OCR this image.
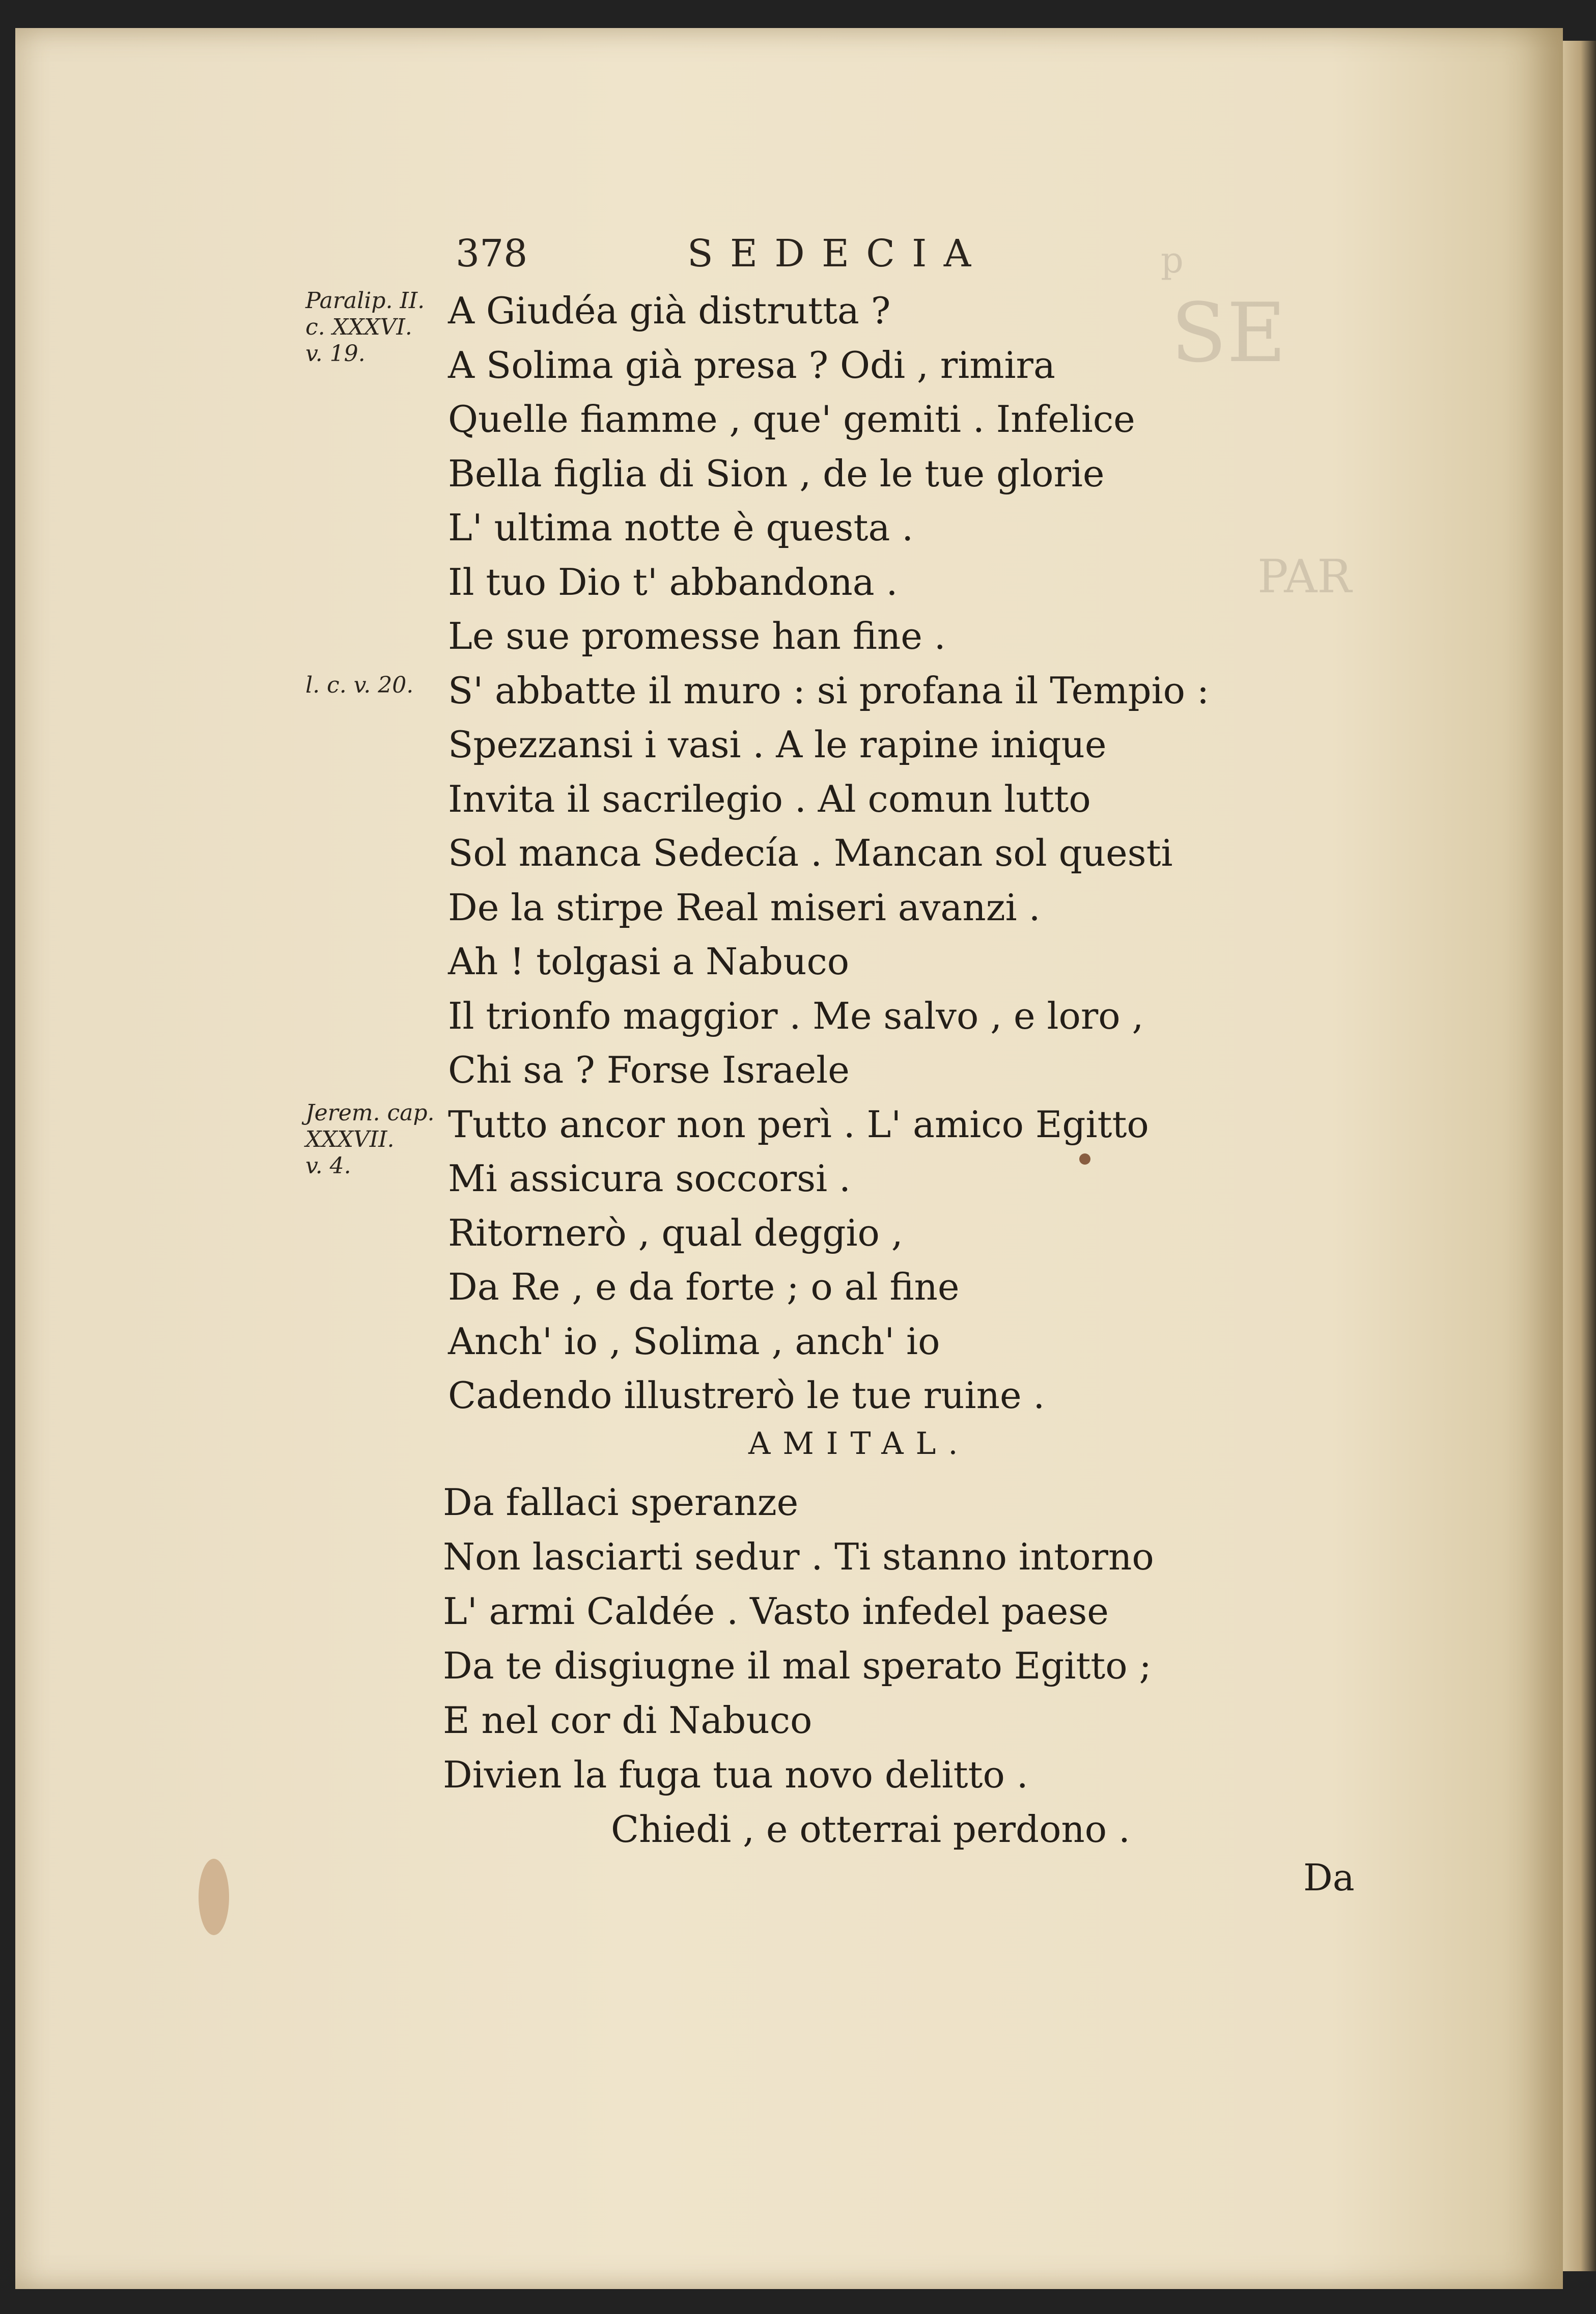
p
SE
PAR
378	SEDECIA
Paralip. II.
c. XXXVI.
v. 19.
l. c. v. 20.
Jerem. cap.
XXXVII.
v. 4.
A Giudéa già distrutta ?
A Solima già presa ? Odi , rimira
Quelle fiamme , que' gemiti . Infelice
Bella figlia di Sion , de le tue glorie
L' ultima notte è questa .
Il tuo Dio t' abbandona .
Le sue promesse han fine .
S' abbatte il muro : si profana il Tempio :
Spezzansi i vasi . A le rapine inique
Invita il sacrilegio . Al comun lutto
Sol manca Sedecía . Mancan sol questi
De la stirpe Real miseri avanzi .
Ah ! tolgasi a Nabuco
Il trionfo maggior . Me salvo , e loro ,
Chi sa ? Forse Israele
Tutto ancor non perì . L' amico Egitto
Mi assicura soccorsi .
Ritornerò , qual deggio ,
Da Re , e da forte ; o al fine
Anch' io , Solima , anch' io
Cadendo illustrerò le tue ruine .
AMITAL.
Da fallaci speranze
Non lasciarti sedur . Ti stanno intorno
L' armi Caldée . Vasto infedel paese
Da te disgiugne il mal sperato Egitto ;
E nel cor di Nabuco
Divien la fuga tua novo delitto .
Chiedi , e otterrai perdono .
Da
